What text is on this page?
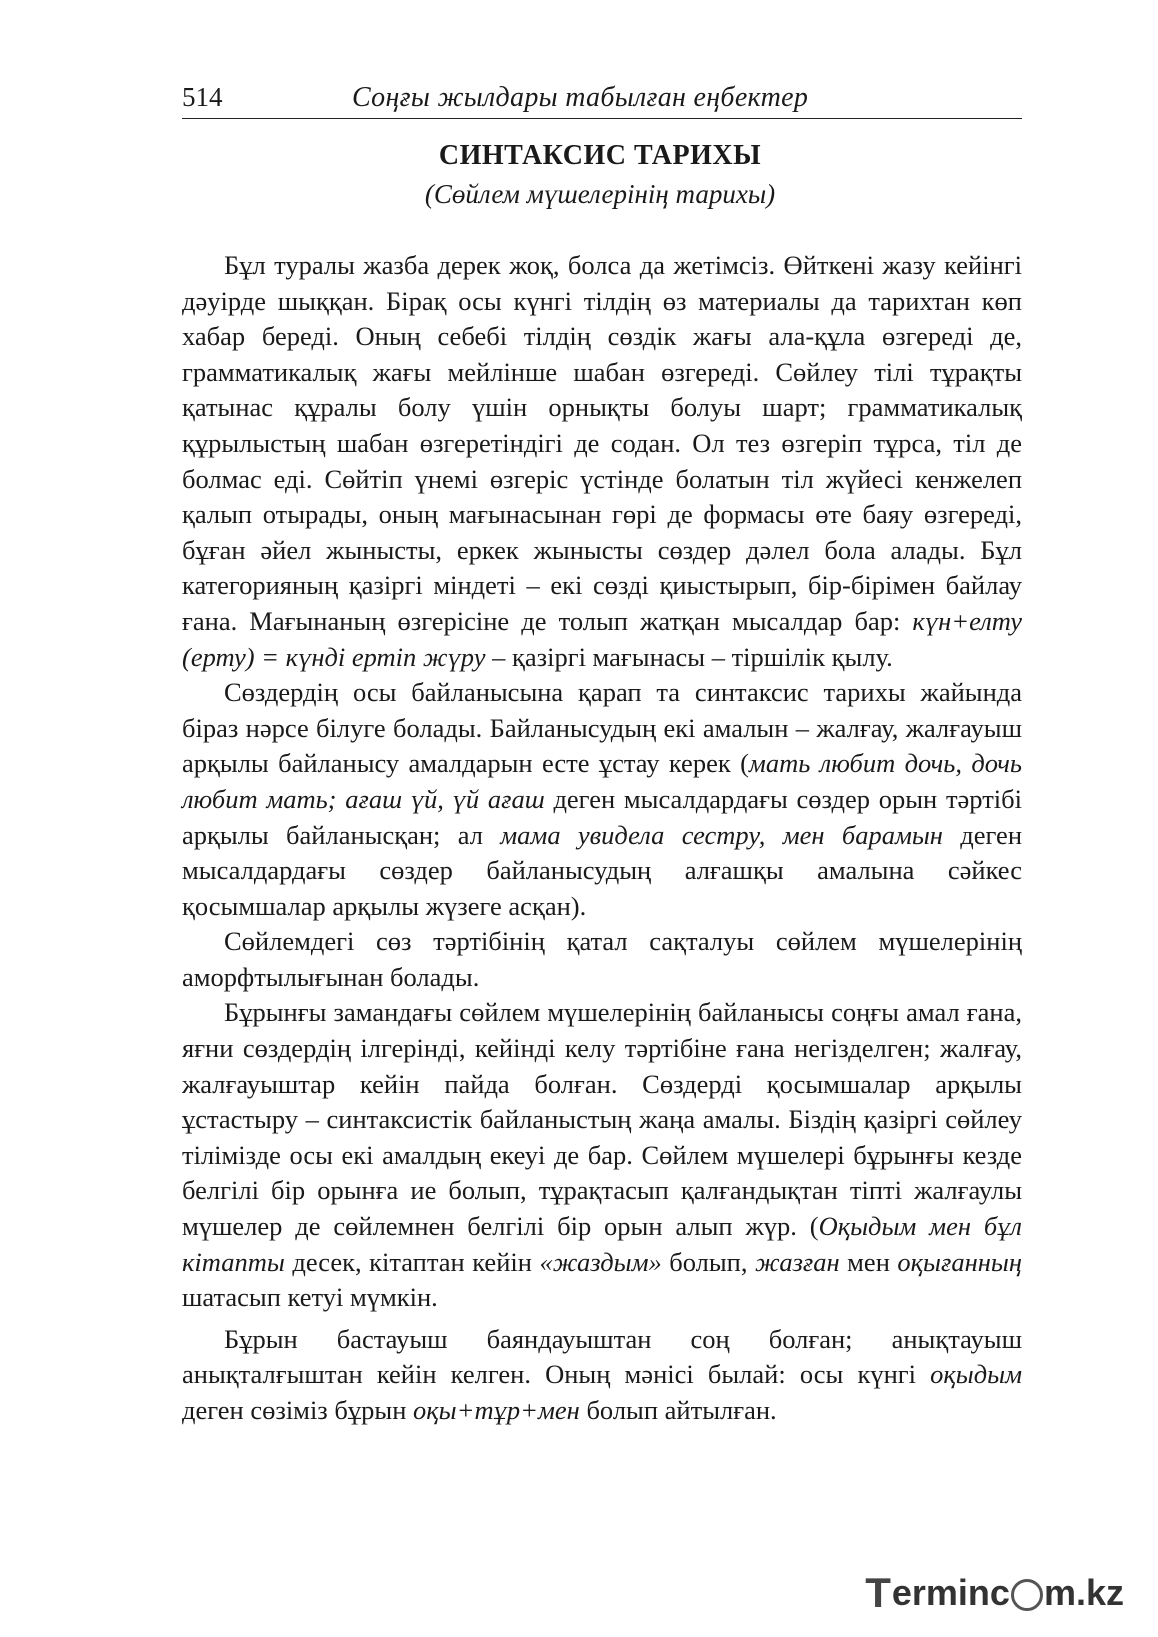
514	Соңғы жылдары табылған еңбектер
СИНТАКСИС ТАРИХЫ
(Сөйлем мүшелерінің тарихы)

Бұл туралы жазба дерек жоқ, болса да жетімсіз. Өйткені жазу кейінгі дәуірде шыққан. Бірақ осы күнгі тілдің өз материалы да тарихтан көп хабар береді. Оның себебі тілдің сөздік жағы ала-құла өзгереді де, грамматикалық жағы мейлінше шабан өзгереді. Сөйлеу тілі тұрақты қатынас құралы болу үшін орнықты болуы шарт; грамматикалық құрылыстың шабан өзгеретіндігі де содан. Ол тез өзгеріп тұрса, тіл де болмас еді. Сөйтіп үнемі өзгеріс үстінде болатын тіл жүйесі кенжелеп қалып отырады, оның мағынасынан гөрі де формасы өте баяу өзгереді, бұған әйел жынысты, еркек жынысты сөздер дәлел бола алады. Бұл категорияның қазіргі міндеті – екі сөзді қиыстырып, бір-бірімен байлау ғана. Мағынаның өзгерісіне де толып жатқан мысалдар бар: күн+елту (ерту) = күнді ертіп жүру – қазіргі мағынасы – тіршілік қылу.

Сөздердің осы байланысына қарап та синтаксис тарихы жайында біраз нәрсе білуге болады. Байланысудың екі амалын – жалғау, жалғауыш арқылы байланысу амалдарын есте ұстау керек (мать любит дочь, дочь любит мать; ағаш үй, үй ағаш деген мысалдардағы сөздер орын тәртібі арқылы байланысқан; ал мама увидела сестру, мен барамын деген мысалдардағы сөздер байланысудың алғашқы амалына сәйкес қосымшалар арқылы жүзеге асқан).

Сөйлемдегі сөз тәртібінің қатал сақталуы сөйлем мүшелерінің аморфтылығынан болады.

Бұрынғы замандағы сөйлем мүшелерінің байланысы соңғы амал ғана, яғни сөздердің ілгерінді, кейінді келу тәртібіне ғана негізделген; жалғау, жалғауыштар кейін пайда болған. Сөздерді қосымшалар арқылы ұстастыру – синтаксистік байланыстың жаңа амалы. Біздің қазіргі сөйлеу тілімізде осы екі амалдың екеуі де бар. Сөйлем мүшелері бұрынғы кезде белгілі бір орынға ие болып, тұрақтасып қалғандықтан тіпті жалғаулы мүшелер де сөйлемнен белгілі бір орын алып жүр. (Оқыдым мен бұл кітапты десек, кітаптан кейін «жаздым» болып, жазған мен оқығанның шатасып кетуі мүмкін.

Бұрын бастауыш баяндауыштан соң болған; анықтауыш анықталғыштан кейін келген. Оның мәнісі былай: осы күнгі оқыдым деген сөзіміз бұрын оқы+тұр+мен болып айтылған.

T ermin c m.kz
